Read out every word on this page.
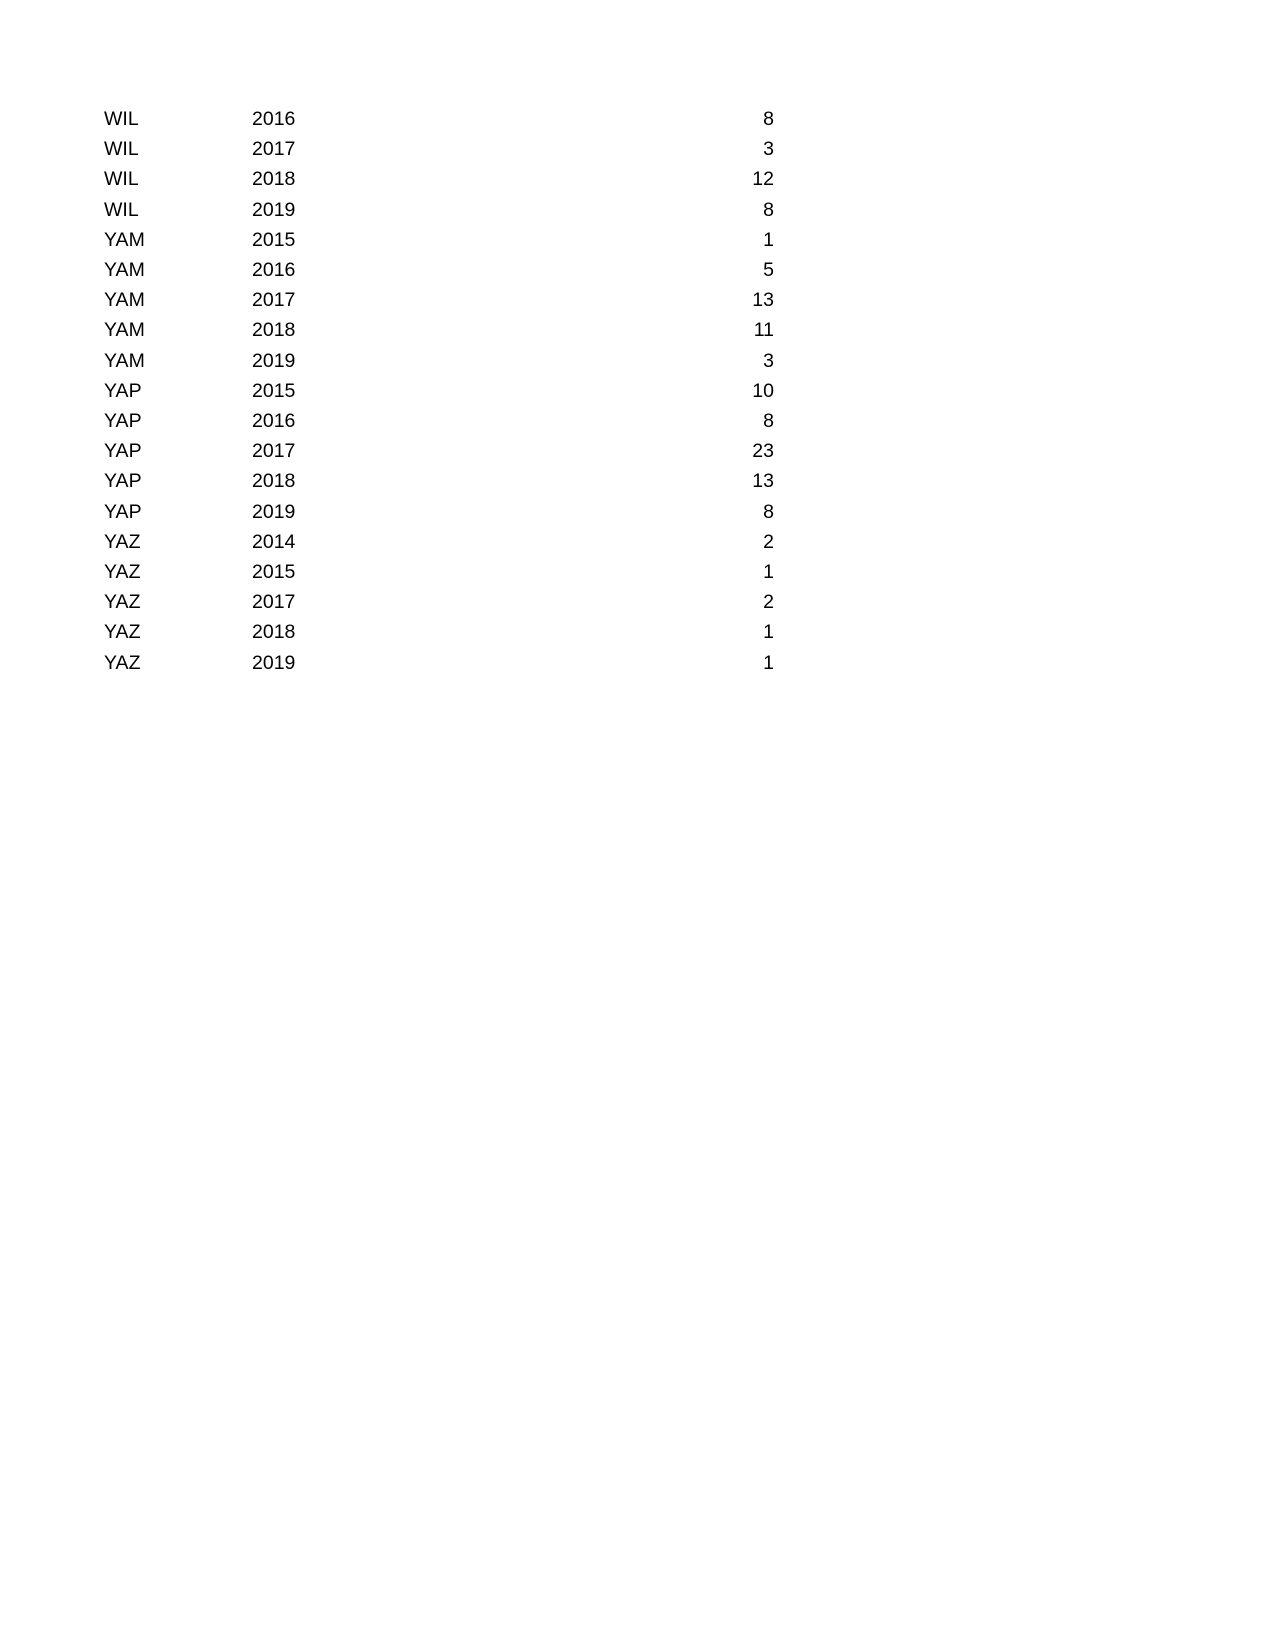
WIL	2016	8
WIL	2017	3
WIL	2018	12
WIL	2019	8
YAM	2015	1
YAM	2016	5
YAM	2017	13
YAM	2018	11
YAM	2019	3
YAP	2015	10
YAP	2016	8
YAP	2017	23
YAP	2018	13
YAP	2019	8
YAZ	2014	2
YAZ	2015	1
YAZ	2017	2
YAZ	2018	1
YAZ	2019	1
